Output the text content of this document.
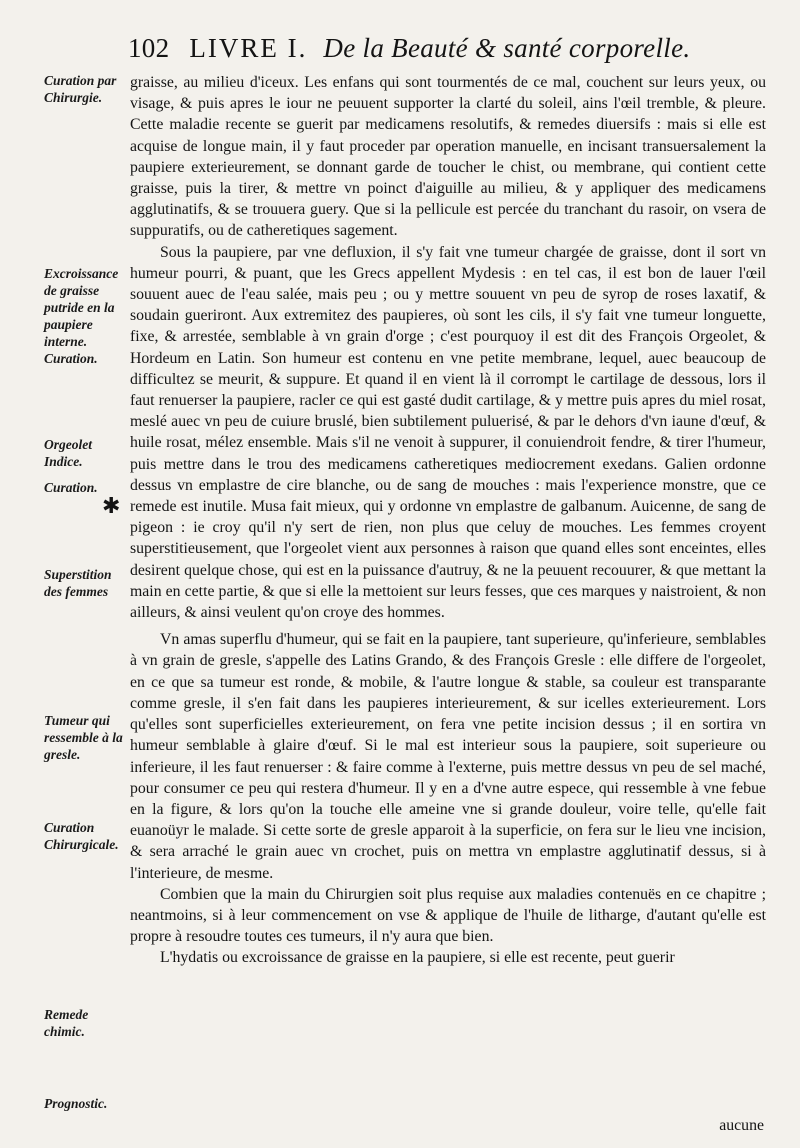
102 LIVRE I. De la Beauté & santé corporelle.
Curation par Chirurgie.
Excroissance de graisse putride en la paupiere interne. Curation.
Orgeolet Indice.
Curation.
✱
Superstition des femmes
Tumeur qui ressemble à la gresle.
Curation Chirurgicale.
Remede chimic.
Prognostic.

graisse, au milieu d'iceux. Les enfans qui sont tourmentés de ce mal, couchent sur leurs yeux, ou visage, & puis apres le iour ne peuuent supporter la clarté du soleil, ains l'œil tremble, & pleure. Cette maladie recente se guerit par medicamens resolutifs, & remedes diuersifs : mais si elle est acquise de longue main, il y faut proceder par operation manuelle, en incisant transuersalement la paupiere exterieurement, se donnant garde de toucher le chist, ou membrane, qui contient cette graisse, puis la tirer, & mettre vn poinct d'aiguille au milieu, & y appliquer des medicamens agglutinatifs, & se trouuera guery. Que si la pellicule est percée du tranchant du rasoir, on vsera de suppuratifs, ou de catheretiques sagement.

Sous la paupiere, par vne defluxion, il s'y fait vne tumeur chargée de graisse, dont il sort vn humeur pourri, & puant, que les Grecs appellent Mydesis : en tel cas, il est bon de lauer l'œil souuent auec de l'eau salée, mais peu ; ou y mettre souuent vn peu de syrop de roses laxatif, & soudain gueriront. Aux extremitez des paupieres, où sont les cils, il s'y fait vne tumeur longuette, fixe, & arrestée, semblable à vn grain d'orge ; c'est pourquoy il est dit des François Orgeolet, & Hordeum en Latin. Son humeur est contenu en vne petite membrane, lequel, auec beaucoup de difficultez se meurit, & suppure. Et quand il en vient là il corrompt le cartilage de dessous, lors il faut renuerser la paupiere, racler ce qui est gasté dudit cartilage, & y mettre puis apres du miel rosat, meslé auec vn peu de cuiure bruslé, bien subtilement puluerisé, & par le dehors d'vn iaune d'œuf, & huile rosat, mélez ensemble. Mais s'il ne venoit à suppurer, il conuiendroit fendre, & tirer l'humeur, puis mettre dans le trou des medicamens catheretiques mediocrement exedans. Galien ordonne dessus vn emplastre de cire blanche, ou de sang de mouches : mais l'experience monstre, que ce remede est inutile. Musa fait mieux, qui y ordonne vn emplastre de galbanum. Auicenne, de sang de pigeon : ie croy qu'il n'y sert de rien, non plus que celuy de mouches. Les femmes croyent superstitieusement, que l'orgeolet vient aux personnes à raison que quand elles sont enceintes, elles desirent quelque chose, qui est en la puissance d'autruy, & ne la peuuent recouurer, & que mettant la main en cette partie, & que si elle la mettoient sur leurs fesses, que ces marques y naistroient, & non ailleurs, & ainsi veulent qu'on croye des hommes.

Vn amas superflu d'humeur, qui se fait en la paupiere, tant superieure, qu'inferieure, semblables à vn grain de gresle, s'appelle des Latins Grando, & des François Gresle : elle differe de l'orgeolet, en ce que sa tumeur est ronde, & mobile, & l'autre longue & stable, sa couleur est transparante comme gresle, il s'en fait dans les paupieres interieurement, & sur icelles exterieurement. Lors qu'elles sont superficielles exterieurement, on fera vne petite incision dessus ; il en sortira vn humeur semblable à glaire d'œuf. Si le mal est interieur sous la paupiere, soit superieure ou inferieure, il les faut renuerser : & faire comme à l'externe, puis mettre dessus vn peu de sel maché, pour consumer ce peu qui restera d'humeur. Il y en a d'vne autre espece, qui ressemble à vne febue en la figure, & lors qu'on la touche elle ameine vne si grande douleur, voire telle, qu'elle fait euanoüyr le malade. Si cette sorte de gresle apparoit à la superficie, on fera sur le lieu vne incision, & sera arraché le grain auec vn crochet, puis on mettra vn emplastre agglutinatif dessus, si à l'interieure, de mesme.

Combien que la main du Chirurgien soit plus requise aux maladies contenuës en ce chapitre ; neantmoins, si à leur commencement on vse & applique de l'huile de litharge, d'autant qu'elle est propre à resoudre toutes ces tumeurs, il n'y aura que bien.

L'hydatis ou excroissance de graisse en la paupiere, si elle est recente, peut guerir

aucune
